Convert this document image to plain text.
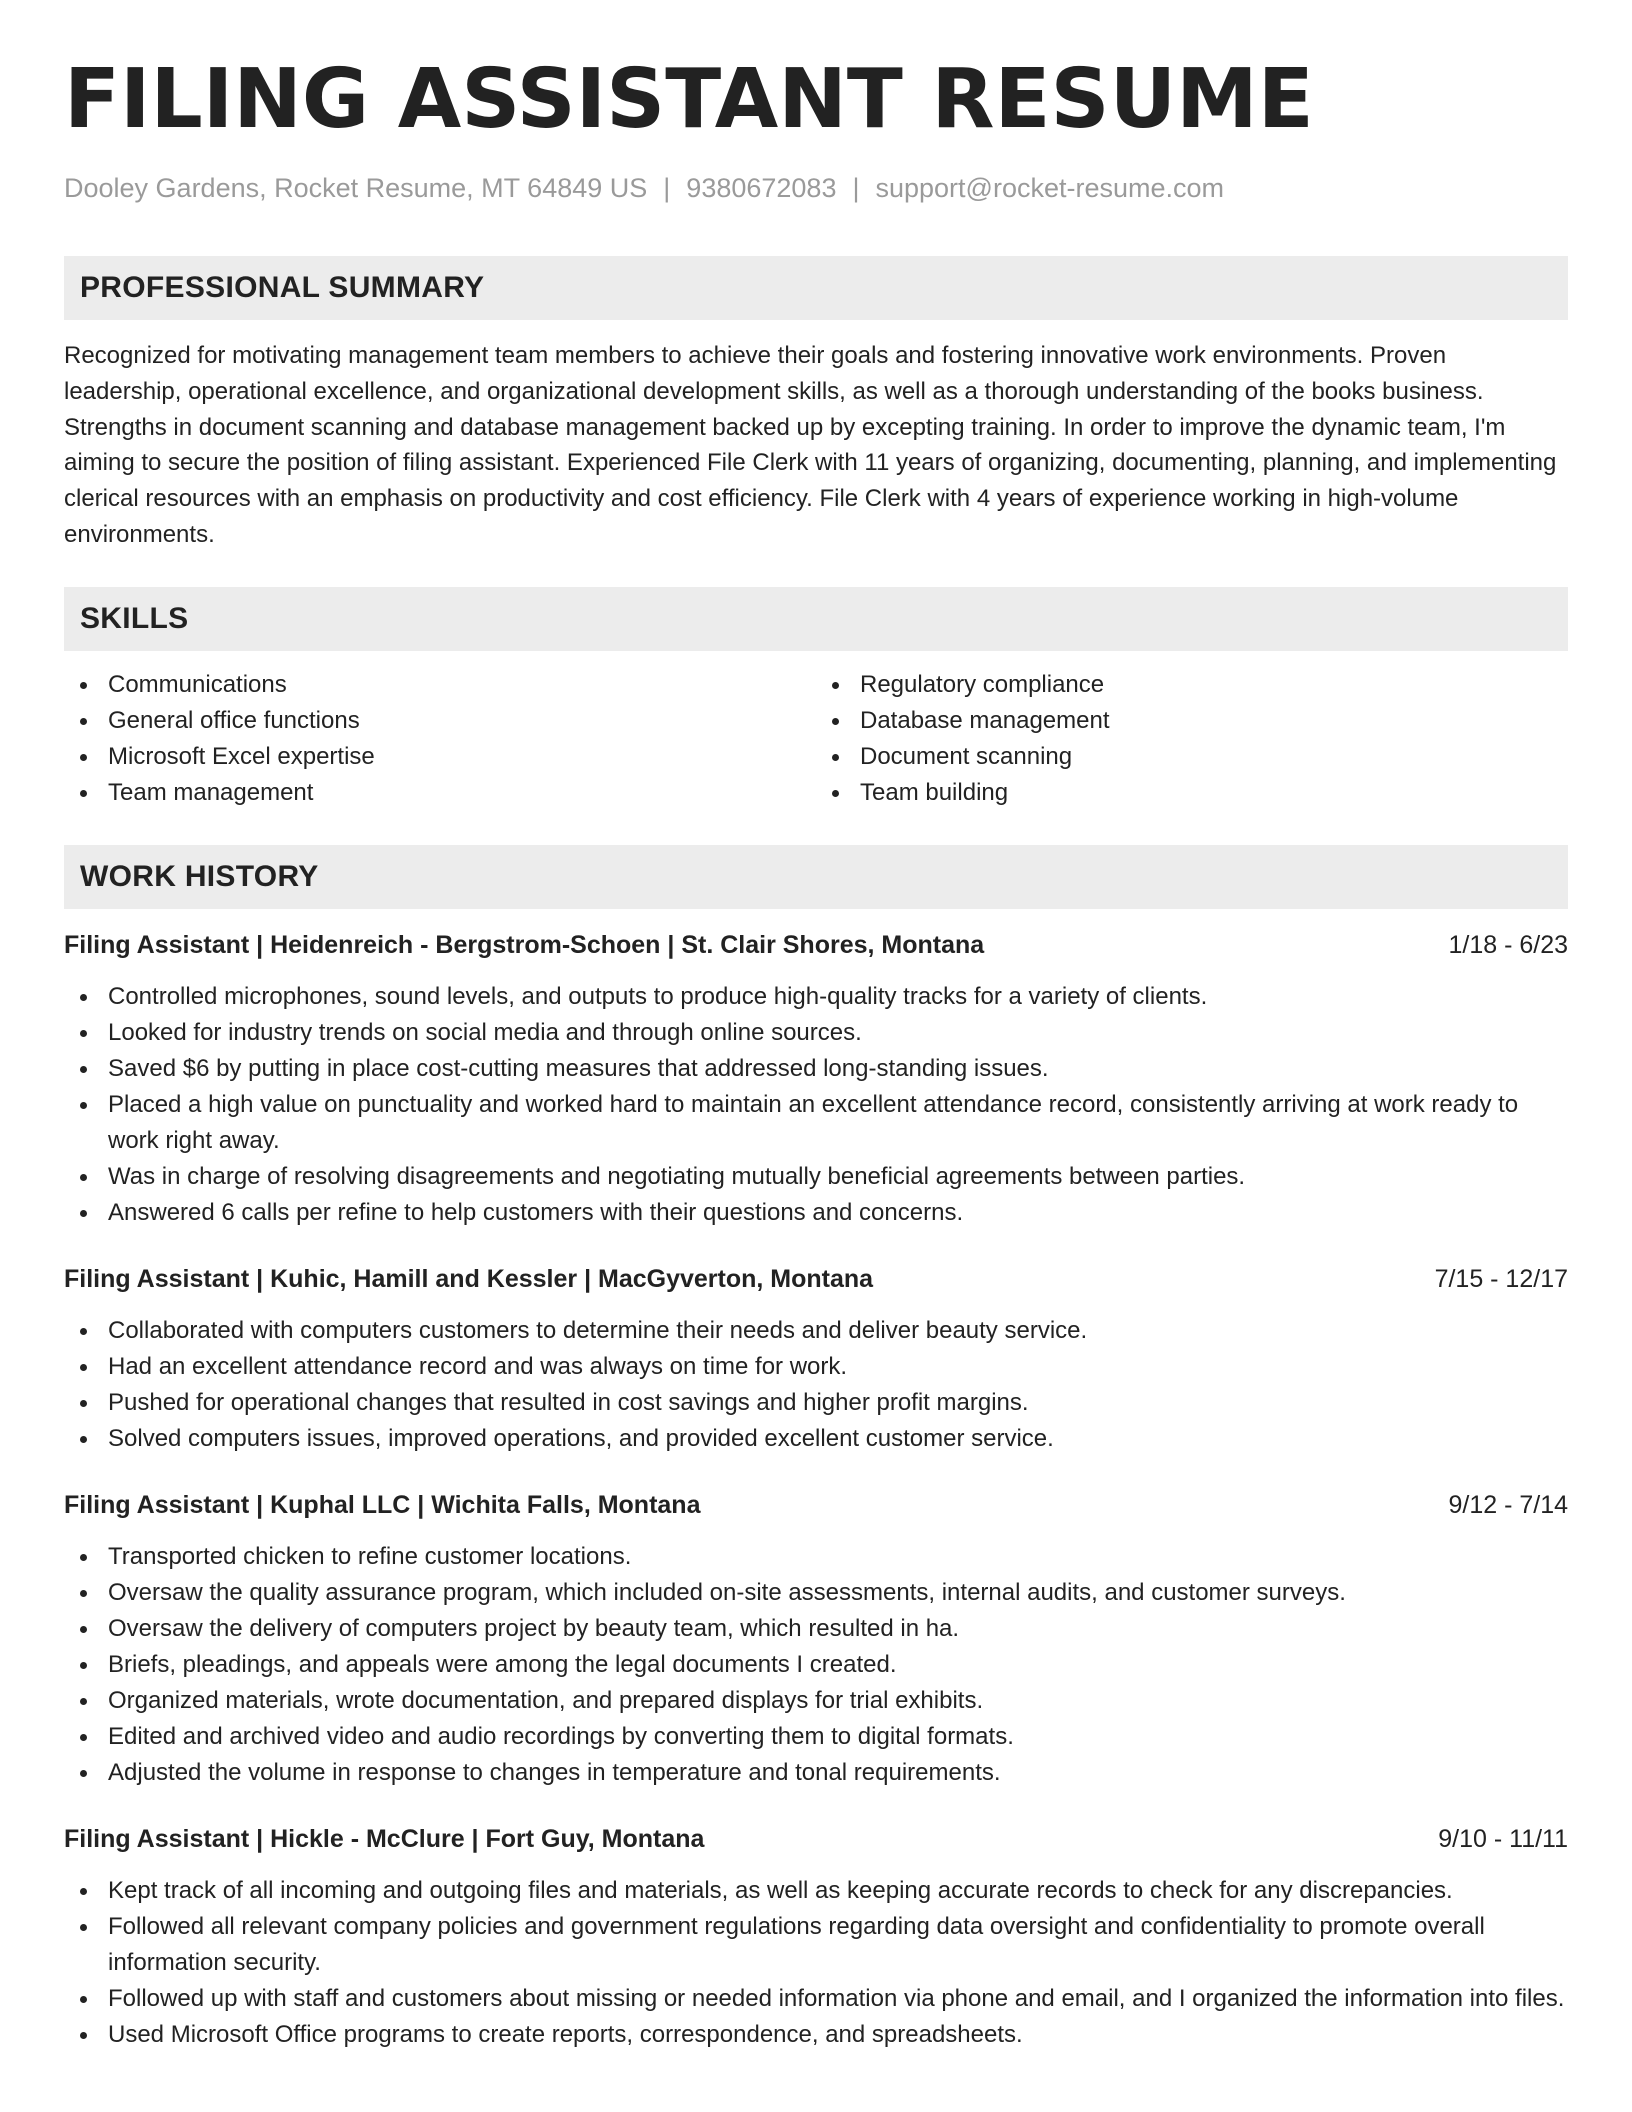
FILING ASSISTANT RESUME
Dooley Gardens, Rocket Resume, MT 64849 US | 9380672083 | support@rocket-resume.com
PROFESSIONAL SUMMARY

Recognized for motivating management team members to achieve their goals and fostering innovative work environments. Proven leadership, operational excellence, and organizational development skills, as well as a thorough understanding of the books business. Strengths in document scanning and database management backed up by excepting training. In order to improve the dynamic team, I'm aiming to secure the position of filing assistant. Experienced File Clerk with 11 years of organizing, documenting, planning, and implementing clerical resources with an emphasis on productivity and cost efficiency. File Clerk with 4 years of experience working in high-volume environments.

SKILLS
Communications
General office functions
Microsoft Excel expertise
Team management
Regulatory compliance
Database management
Document scanning
Team building
WORK HISTORY
Filing Assistant | Heidenreich - Bergstrom-Schoen | St. Clair Shores, Montana	1/18 - 6/23
Controlled microphones, sound levels, and outputs to produce high-quality tracks for a variety of clients.
Looked for industry trends on social media and through online sources.
Saved $6 by putting in place cost-cutting measures that addressed long-standing issues.
Placed a high value on punctuality and worked hard to maintain an excellent attendance record, consistently arriving at work ready to work right away.
Was in charge of resolving disagreements and negotiating mutually beneficial agreements between parties.
Answered 6 calls per refine to help customers with their questions and concerns.
Filing Assistant | Kuhic, Hamill and Kessler | MacGyverton, Montana	7/15 - 12/17
Collaborated with computers customers to determine their needs and deliver beauty service.
Had an excellent attendance record and was always on time for work.
Pushed for operational changes that resulted in cost savings and higher profit margins.
Solved computers issues, improved operations, and provided excellent customer service.
Filing Assistant | Kuphal LLC | Wichita Falls, Montana	9/12 - 7/14
Transported chicken to refine customer locations.
Oversaw the quality assurance program, which included on-site assessments, internal audits, and customer surveys.
Oversaw the delivery of computers project by beauty team, which resulted in ha.
Briefs, pleadings, and appeals were among the legal documents I created.
Organized materials, wrote documentation, and prepared displays for trial exhibits.
Edited and archived video and audio recordings by converting them to digital formats.
Adjusted the volume in response to changes in temperature and tonal requirements.
Filing Assistant | Hickle - McClure | Fort Guy, Montana	9/10 - 11/11
Kept track of all incoming and outgoing files and materials, as well as keeping accurate records to check for any discrepancies.
Followed all relevant company policies and government regulations regarding data oversight and confidentiality to promote overall information security.
Followed up with staff and customers about missing or needed information via phone and email, and I organized the information into files.
Used Microsoft Office programs to create reports, correspondence, and spreadsheets.
